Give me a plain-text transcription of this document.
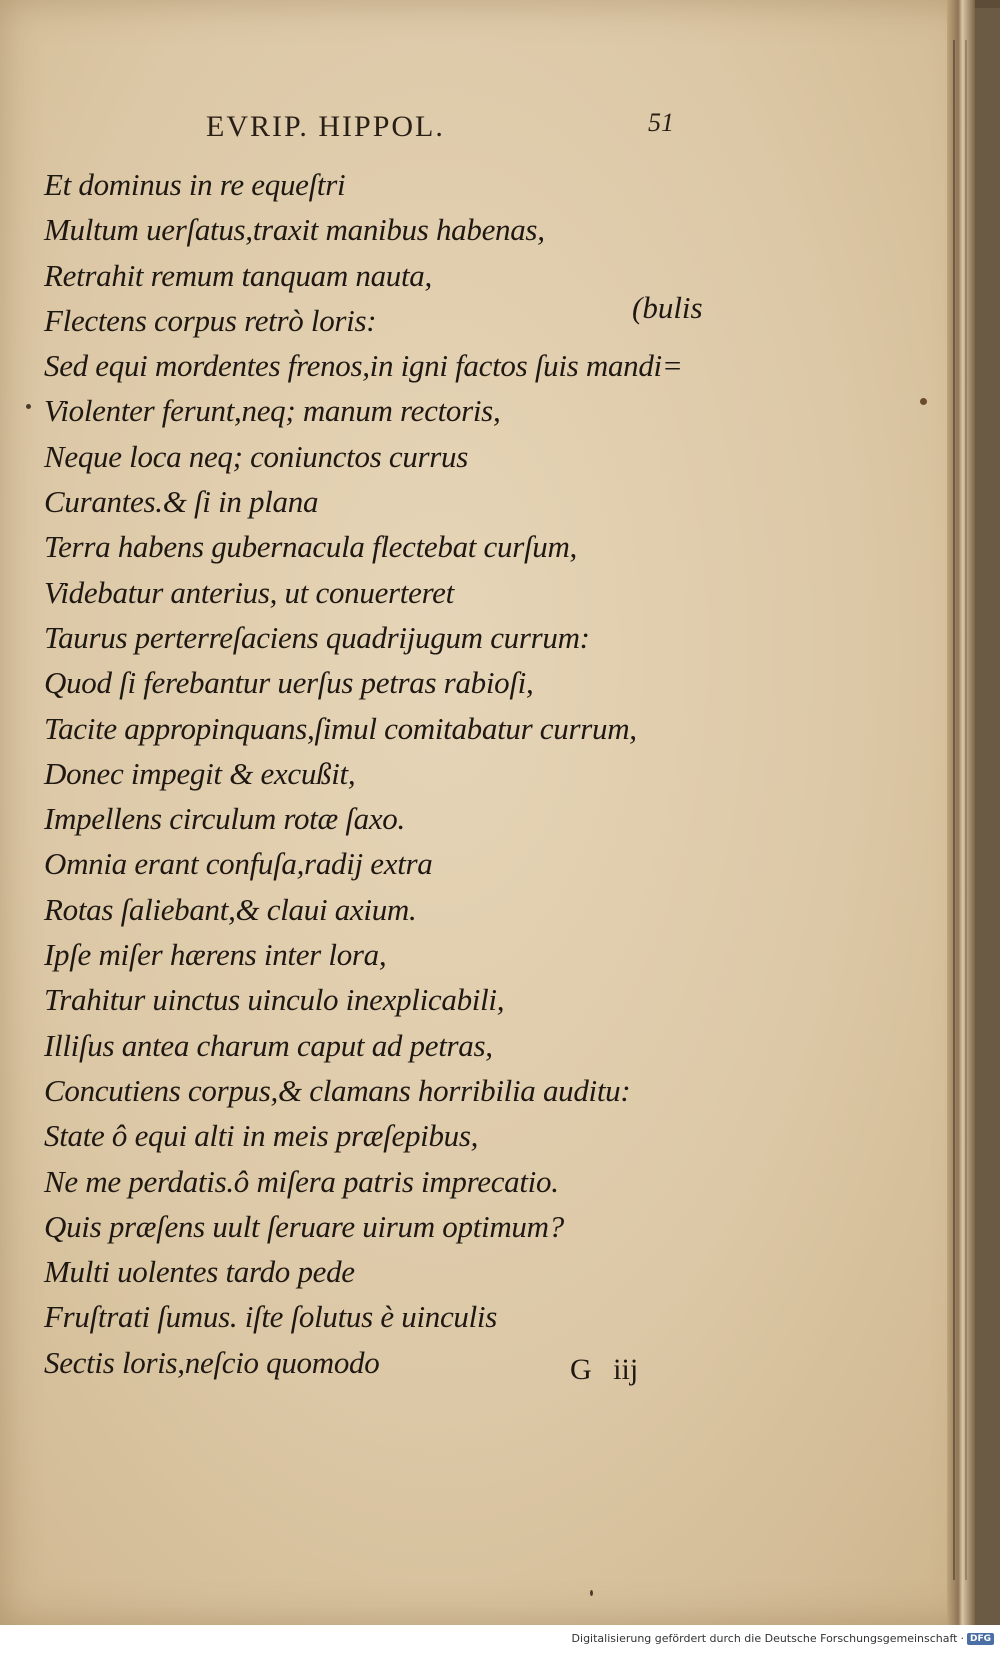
EVRIP. HIPPOL.	51
(bulis
Et dominus in re equeſtri
Multum uerſatus,traxit manibus habenas,
Retrahit remum tanquam nauta,
Flectens corpus retrò loris:
Sed equi mordentes frenos,in igni factos ſuis mandi=
Violenter ferunt,neq; manum rectoris,
Neque loca neq; coniunctos currus
Curantes.& ſi in plana
Terra habens gubernacula flectebat curſum,
Videbatur anterius, ut conuerteret
Taurus perterreſaciens quadrijugum currum:
Quod ſi ferebantur uerſus petras rabioſi,
Tacite appropinquans,ſimul comitabatur currum,
Donec impegit & excußit,
Impellens circulum rotæ ſaxo.
Omnia erant confuſa,radij extra
Rotas ſaliebant,& claui axium.
Ipſe miſer hærens inter lora,
Trahitur uinctus uinculo inexplicabili,
Illiſus antea charum caput ad petras,
Concutiens corpus,& clamans horribilia auditu:
State ô equi alti in meis præſepibus,
Ne me perdatis.ô miſera patris imprecatio.
Quis præſens uult ſeruare uirum optimum?
Multi uolentes tardo pede
Fruſtrati ſumus. iſte ſolutus è uinculis
Sectis loris,neſcio quomodo	G iij
Digitalisierung gefördert durch die Deutsche Forschungsgemeinschaft · DFG
